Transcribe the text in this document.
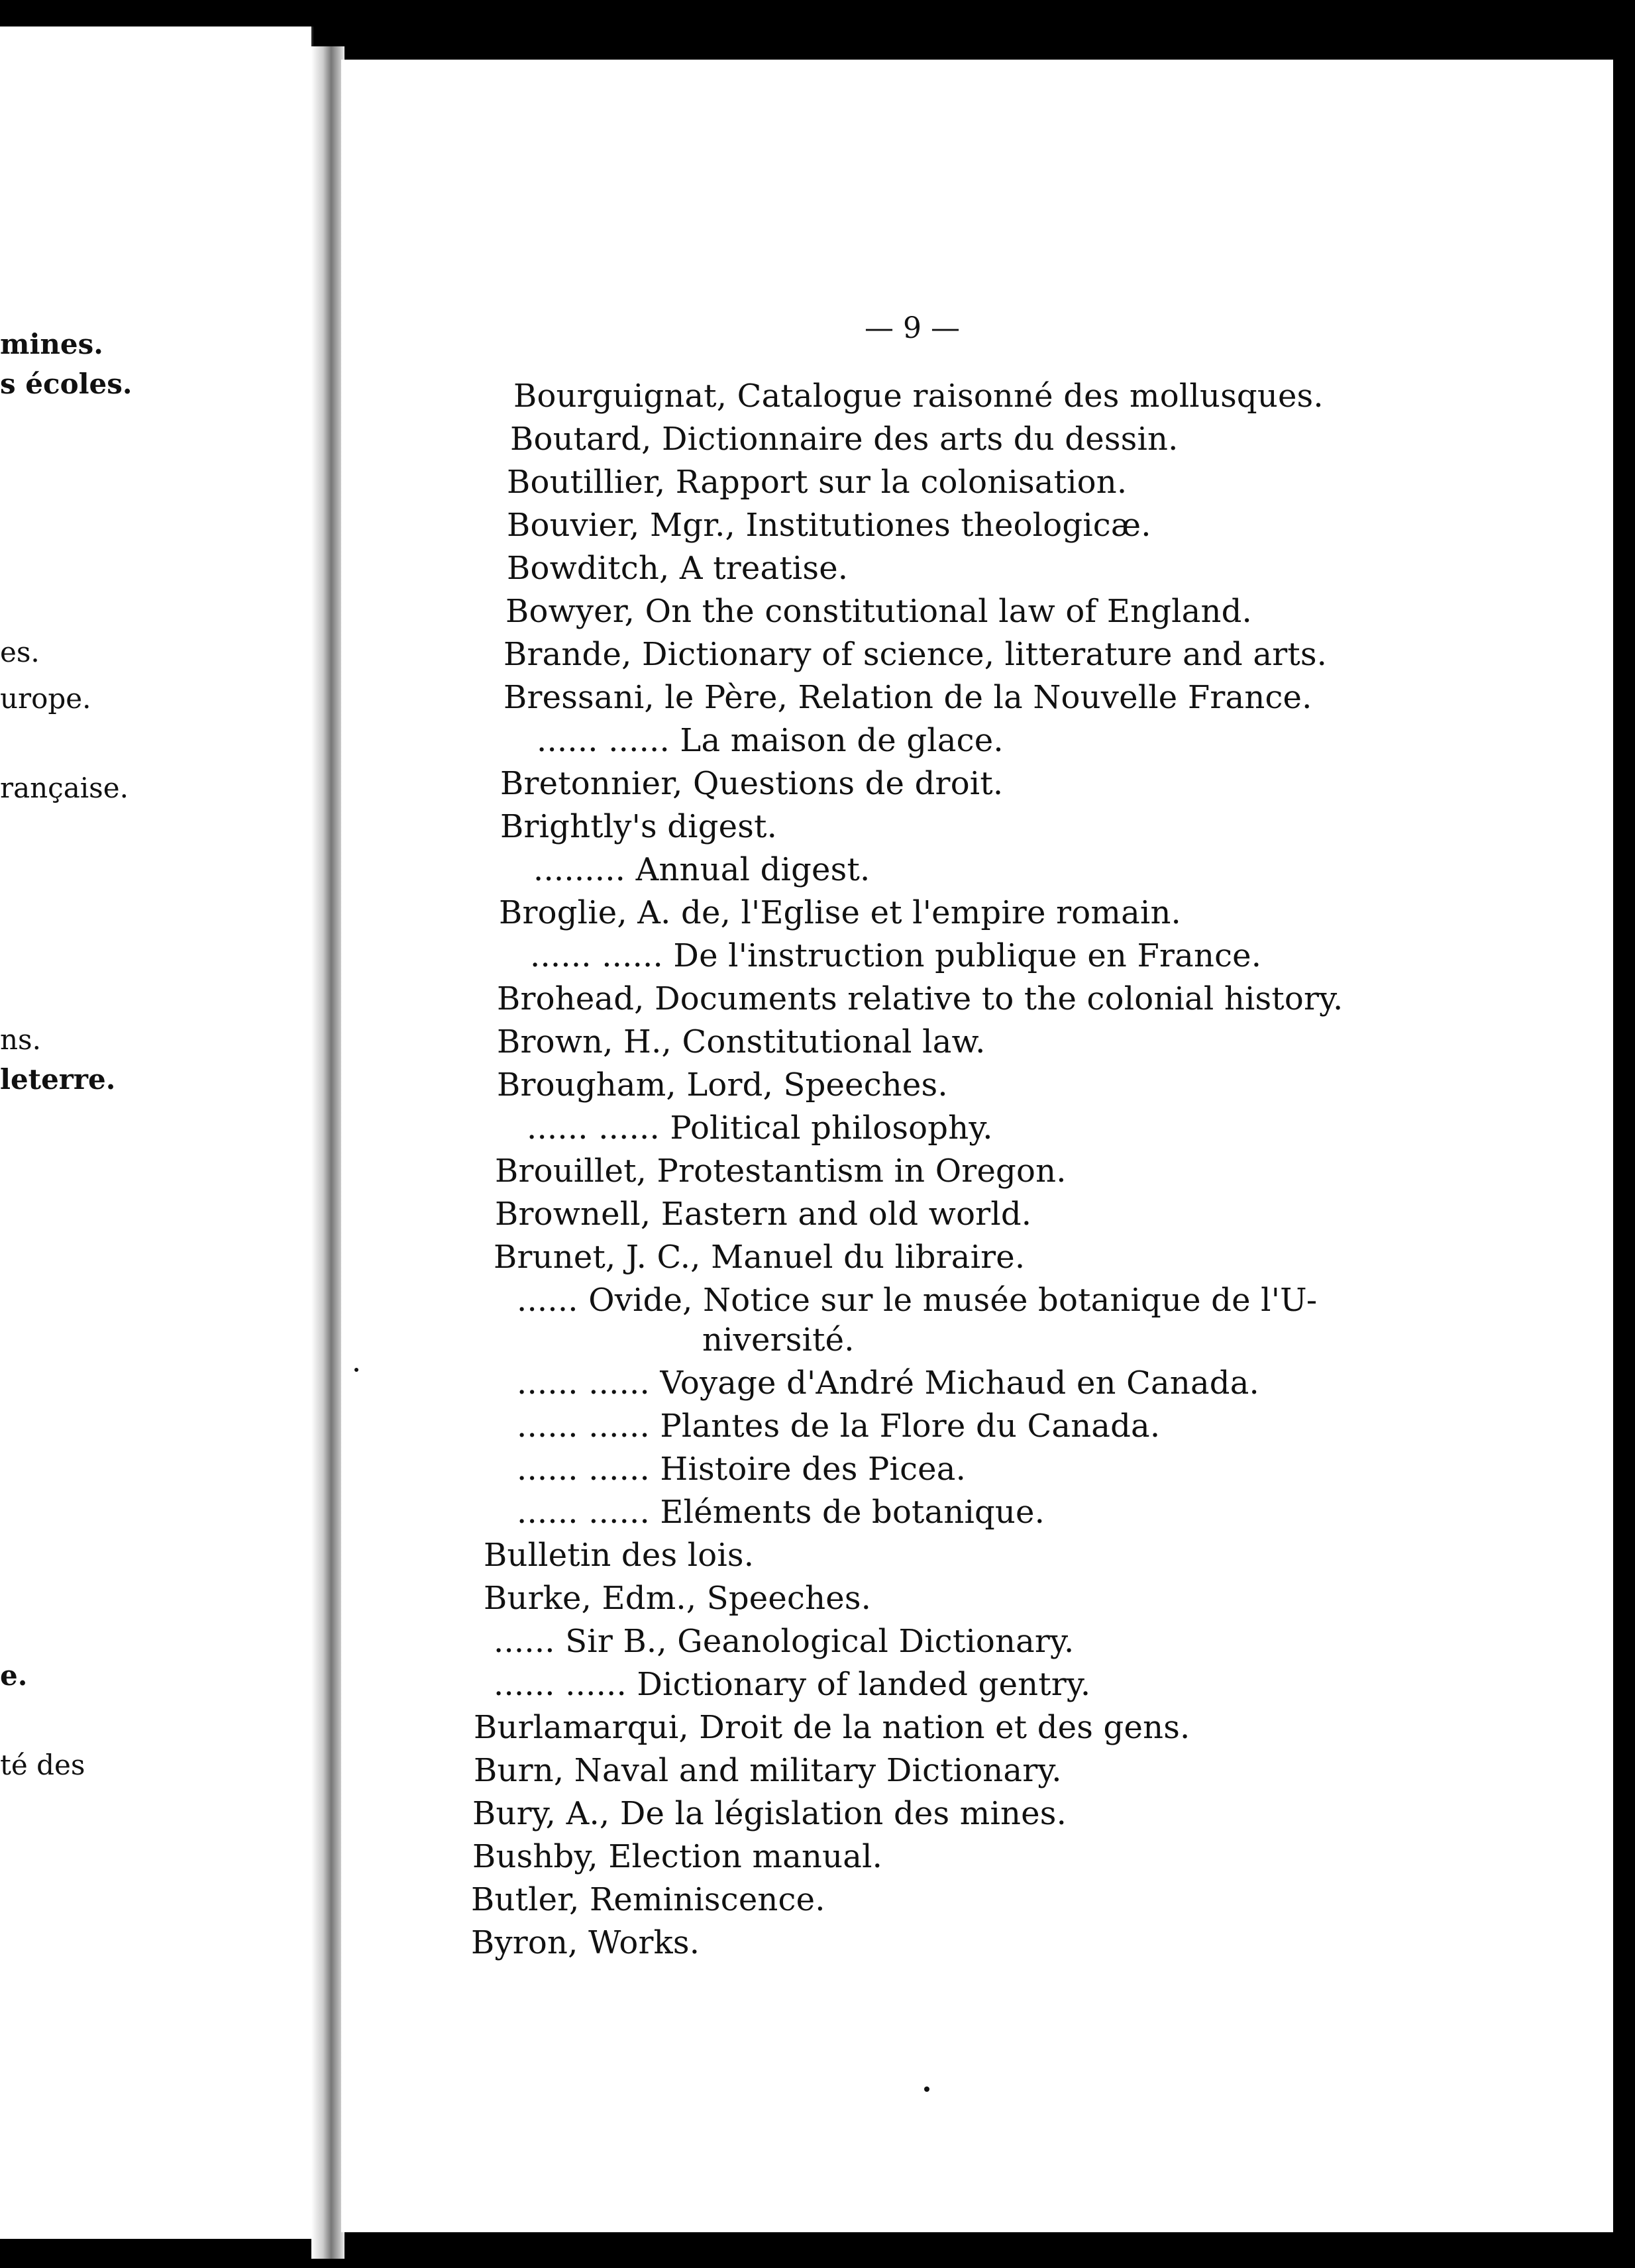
mines.
s écoles.
es.
urope.
rançaise.
ns.
leterre.
e.
té des
— 9 —
Bourguignat, Catalogue raisonné des mollusques.
Boutard, Dictionnaire des arts du dessin.
Boutillier, Rapport sur la colonisation.
Bouvier, Mgr., Institutiones theologicæ.
Bowditch, A treatise.
Bowyer, On the constitutional law of England.
Brande, Dictionary of science, litterature and arts.
Bressani, le Père, Relation de la Nouvelle France.
...... ...... La maison de glace.
Bretonnier, Questions de droit.
Brightly's digest.
......... Annual digest.
Broglie, A. de, l'Eglise et l'empire romain.
...... ...... De l'instruction publique en France.
Brohead, Documents relative to the colonial history.
Brown, H., Constitutional law.
Brougham, Lord, Speeches.
...... ...... Political philosophy.
Brouillet, Protestantism in Oregon.
Brownell, Eastern and old world.
Brunet, J. C., Manuel du libraire.
...... Ovide, Notice sur le musée botanique de l'U-
niversité.
...... ...... Voyage d'André Michaud en Canada.
...... ...... Plantes de la Flore du Canada.
...... ...... Histoire des Picea.
...... ...... Eléments de botanique.
Bulletin des lois.
Burke, Edm., Speeches.
...... Sir B., Geanological Dictionary.
...... ...... Dictionary of landed gentry.
Burlamarqui, Droit de la nation et des gens.
Burn, Naval and military Dictionary.
Bury, A., De la législation des mines.
Bushby, Election manual.
Butler, Reminiscence.
Byron, Works.
